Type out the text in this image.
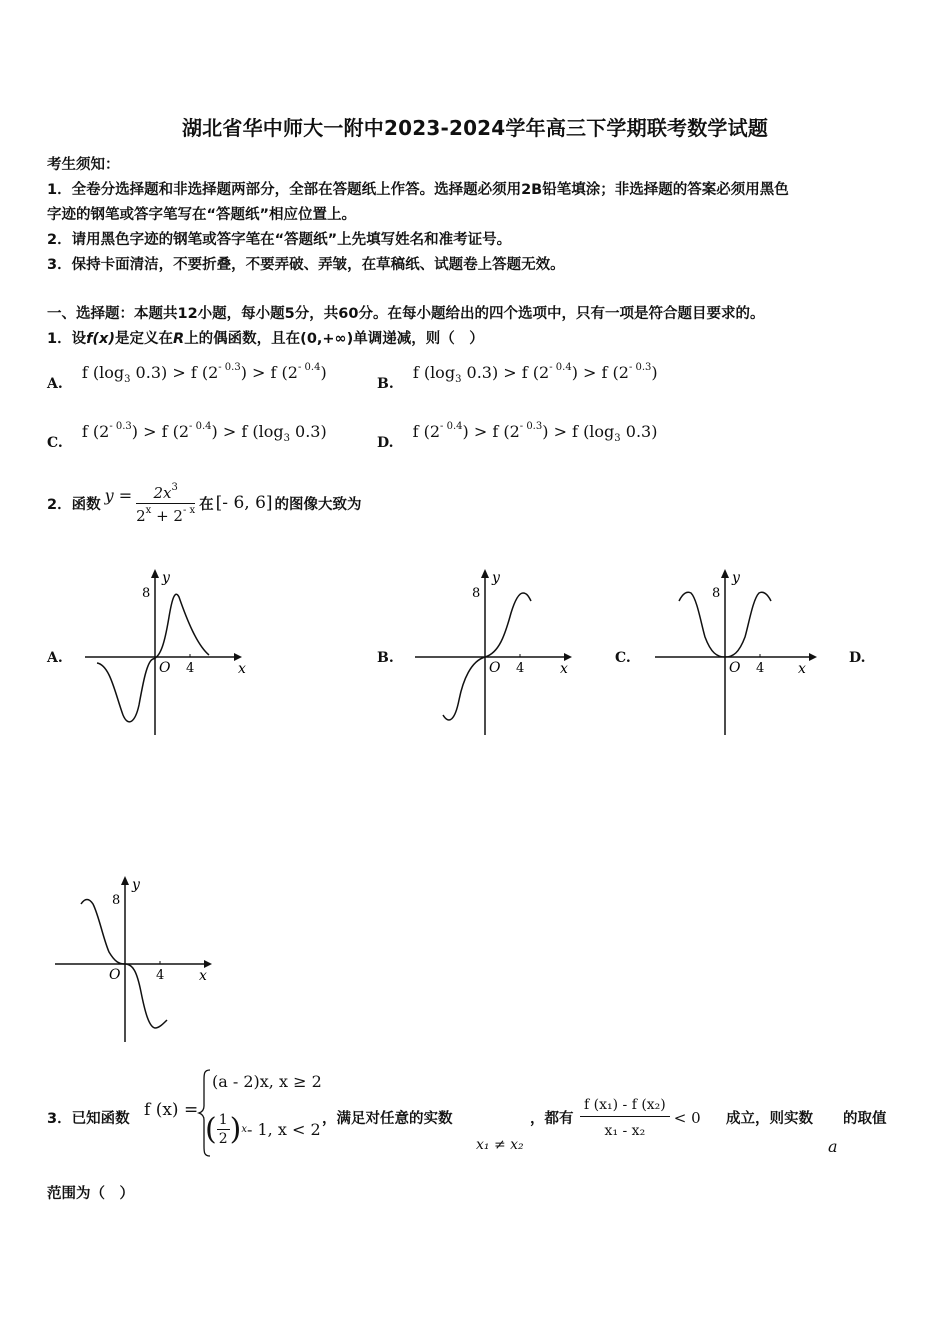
湖北省华中师大一附中2023-2024学年高三下学期联考数学试题
考生须知：
1．全卷分选择题和非选择题两部分，全部在答题纸上作答。选择题必须用2B铅笔填涂；非选择题的答案必须用黑色
字迹的钢笔或答字笔写在“答题纸”相应位置上。
2．请用黑色字迹的钢笔或答字笔在“答题纸”上先填写姓名和准考证号。
3．保持卡面清洁，不要折叠，不要弄破、弄皱，在草稿纸、试题卷上答题无效。
一、选择题：本题共12小题，每小题5分，共60分。在每小题给出的四个选项中，只有一项是符合题目要求的。
1．设f(x)是定义在R上的偶函数，且在(0,+∞)单调递减，则（　）
A. f ($\log_3$ 0.3) > f $(2^{- 0.3}) > f$ $(2^{- 0.4})$
B. f ($\log_3$ 0.3) > f $(2^{- 0.4}) > f$ $(2^{- 0.3})$
C. f $(2^{- 0.3}) > f$ $(2^{- 0.4}) > f$ ($\log_3$ 0.3)
D. f $(2^{- 0.4}) > f$ $(2^{- 0.3}) > f$ ($\log_3$ 0.3)
2．函数 $y = \frac{2x^3}{2^x + 2^{- x}}$ 在 [- 6, 6] 的图像大致为
A.	B.	C.	D.
y
x
O
8
4
y
x
O
8
4
y
x
O
8
4
y
x
O
8
4
3．已知函数 f (x) =
(a - 2)x, x ≥ 2
( $\frac{1}{2}$ ) x - 1, x < 2
，满足对任意的实数
x₁ ≠ x₂
，都有 $\frac{\text{f (x₁) - f (x₂)}}{\text{x₁ - x₂}} < 0$ 成立，则实数
a
的取值
范围为（　）
